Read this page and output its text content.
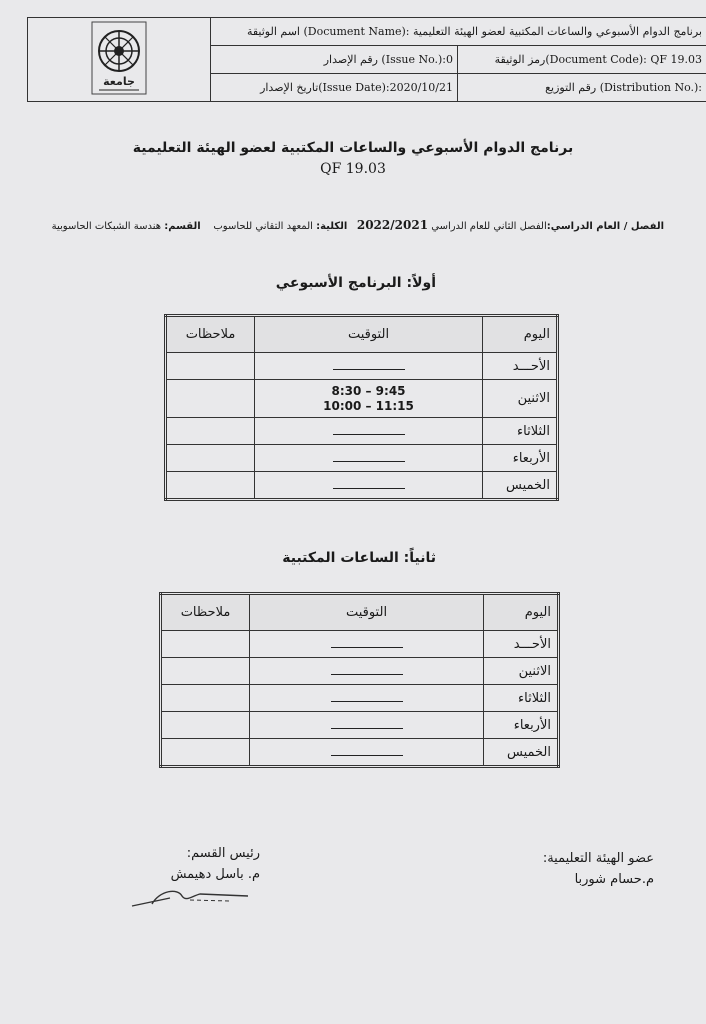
جامعة	اسم الوثيقة (Document Name): برنامج الدوام الأسبوعي والساعات المكتبية لعضو الهيئة التعليمية	
	رقم الإصدار (Issue No.):0	رمز الوثيقة(Document Code): QF 19.03
	تاريخ الإصدار(Issue Date):2020/10/21	رقم التوزيع (Distribution No.):
برنامج الدوام الأسبوعي والساعات المكتبية لعضو الهيئة التعليمية
QF 19.03
الفصل / العام الدراسي:الفصل الثاني للعام الدراسي 2022/2021   الكلية: المعهد التقاني للحاسوب    القسم: هندسة الشبكات الحاسوبية
أولاً: البرنامج الأسبوعي
اليوم	التوقيت	ملاحظات
الأحـــد		
الاثنين	8:30 – 9:45
10:00 – 11:15	

الثلاثاء		
الأربعاء		
الخميس		
ثانياً: الساعات المكتبية
اليوم	التوقيت	ملاحظات
الأحـــد		
الاثنين		
الثلاثاء		
الأربعاء		
الخميس		
عضو الهيئة التعليمية:
م.حسام شوربا
رئيس القسم:
م. باسل دهيمش
